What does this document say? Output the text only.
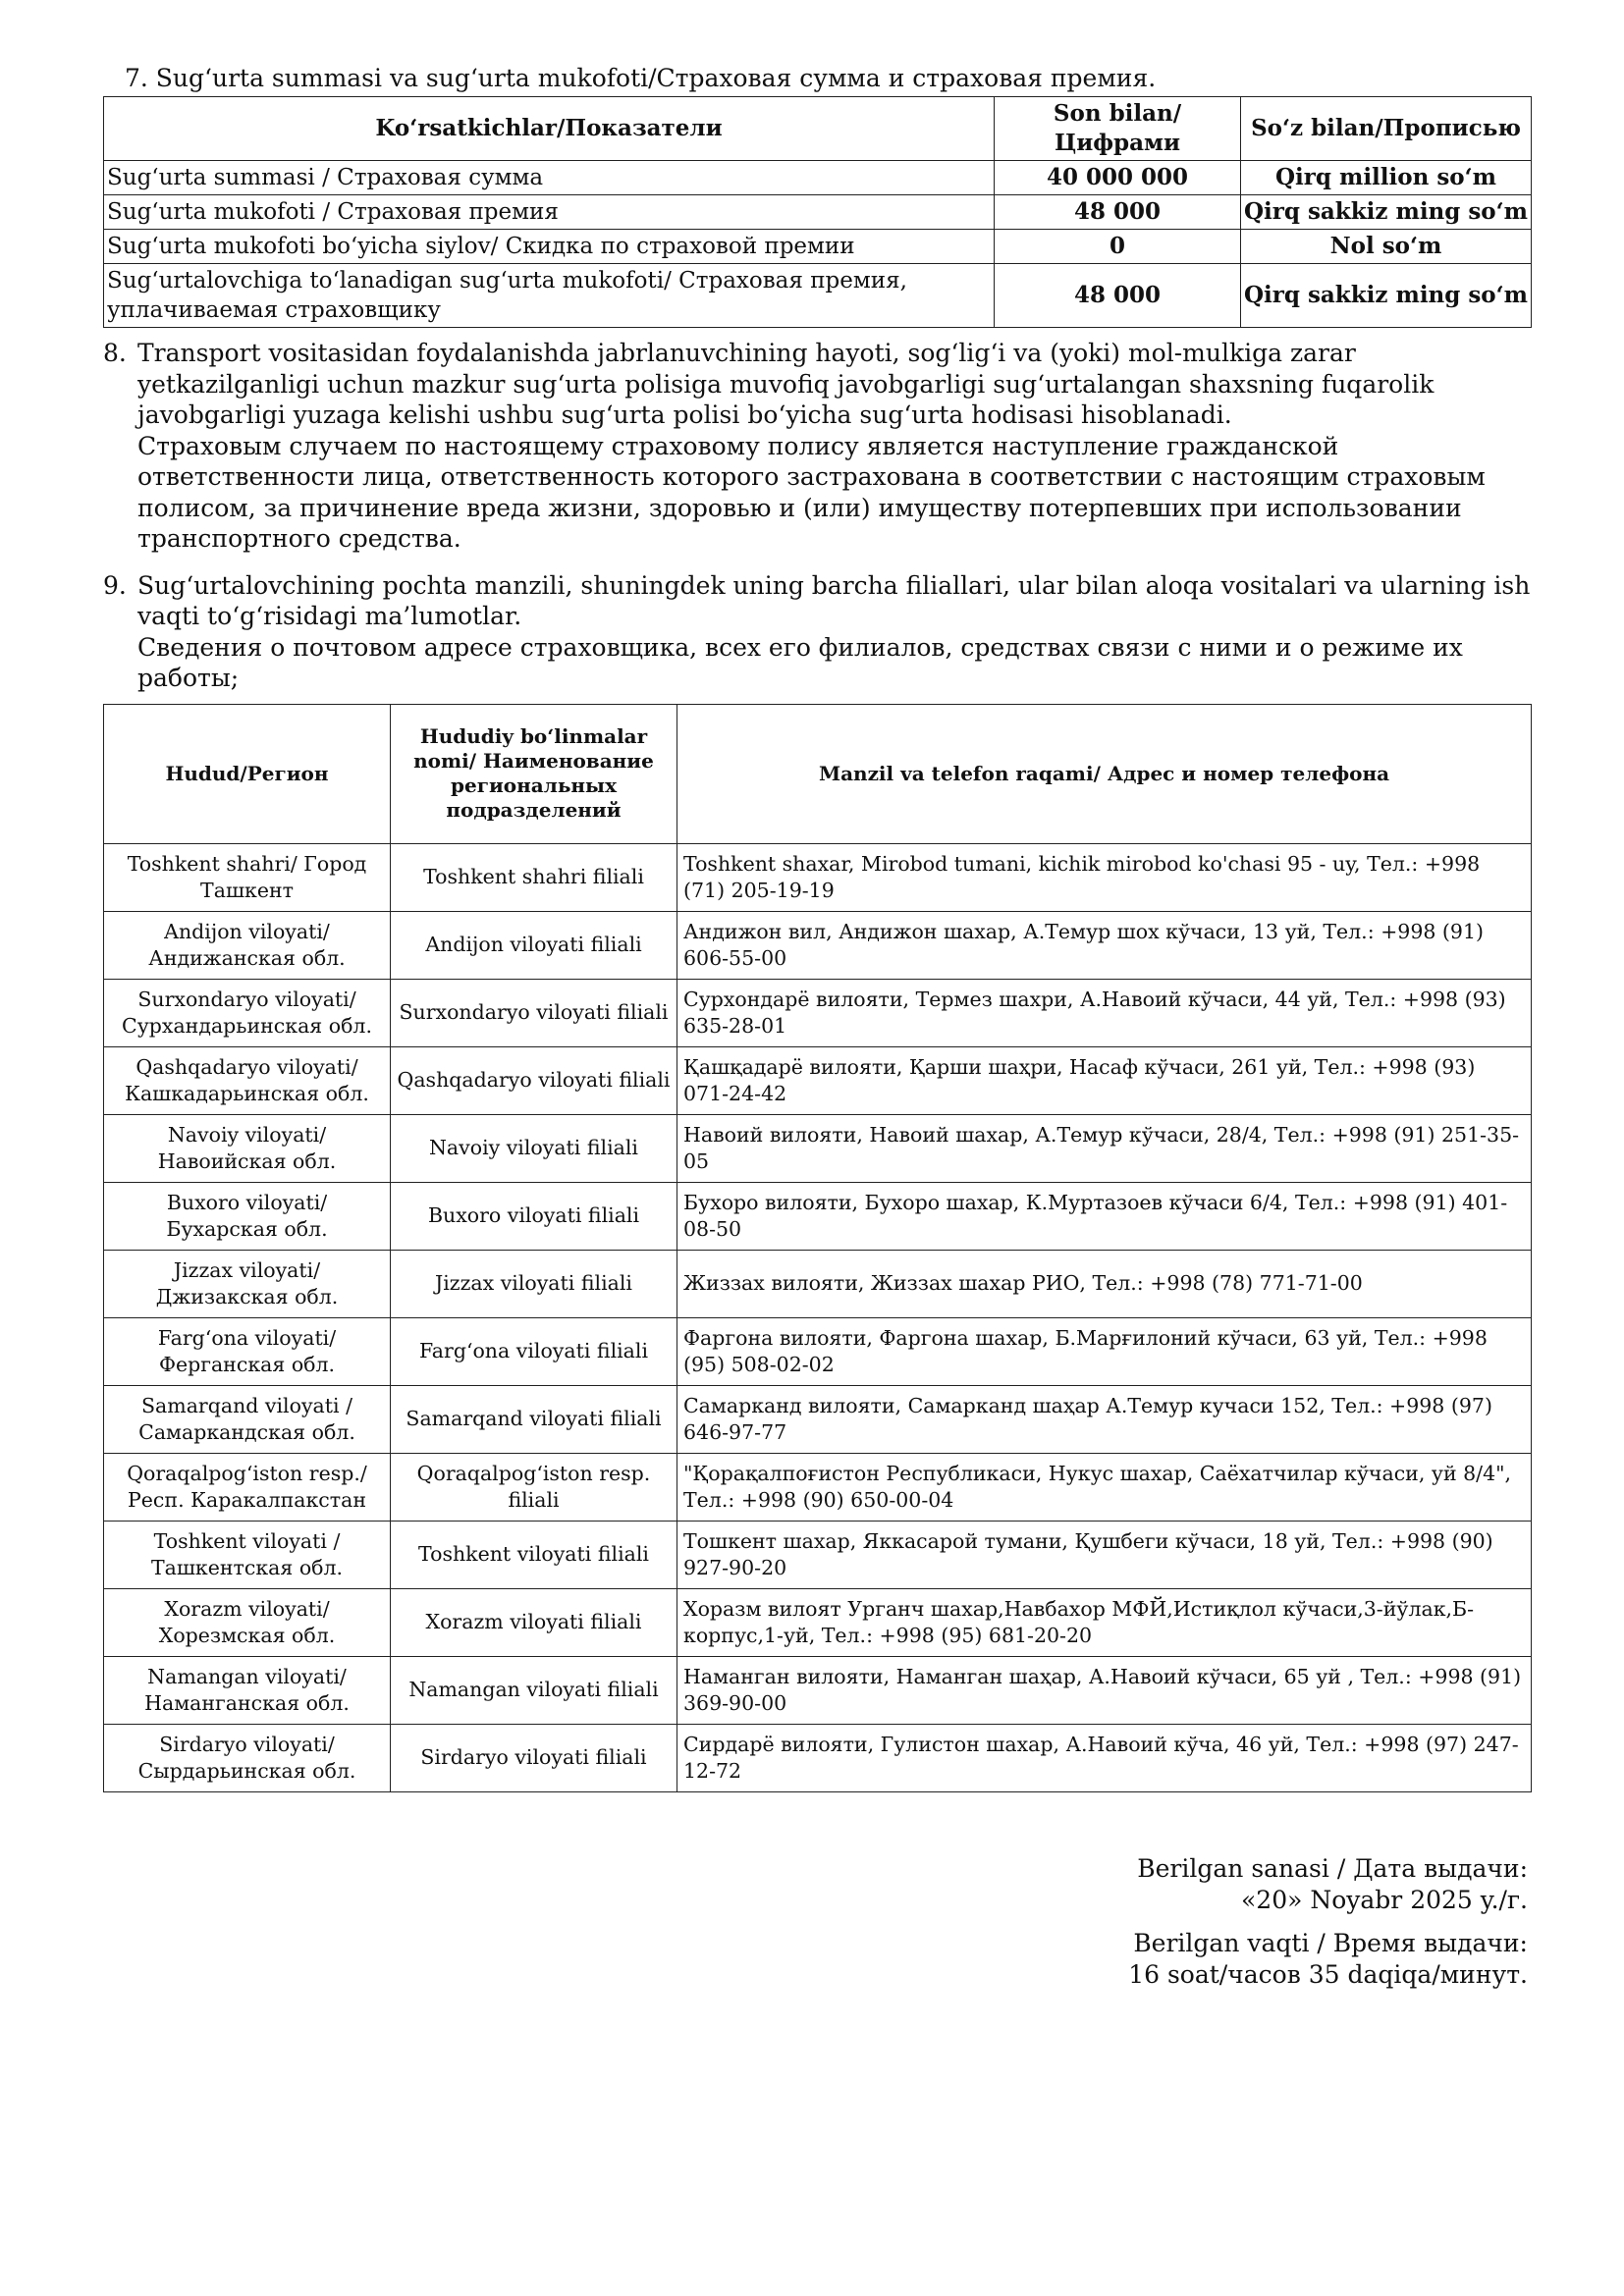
7. Sug‘urta summasi va sug‘urta mukofoti/Страховая сумма и страховая премия.
Ko‘rsatkichlar/Показатели	Son bilan/Цифрами	So‘z bilan/Прописью
Sug‘urta summasi / Страховая сумма	40 000 000	Qirq million so‘m
Sug‘urta mukofoti / Страховая премия	48 000	Qirq sakkiz ming so‘m
Sug‘urta mukofoti bo‘yicha siylov/ Скидка по страховой премии	0	Nol so‘m
Sug‘urtalovchiga to‘lanadigan sug‘urta mukofoti/ Страховая премия, уплачиваемая страховщику	48 000	Qirq sakkiz ming so‘m
8. Transport vositasidan foydalanishda jabrlanuvchining hayoti, sog‘lig‘i va (yoki) mol-mulkiga zarar yetkazilganligi uchun mazkur sug‘urta polisiga muvofiq javobgarligi sug‘urtalangan shaxsning fuqarolik javobgarligi yuzaga kelishi ushbu sug‘urta polisi bo‘yicha sug‘urta hodisasi hisoblanadi.

Страховым случаем по настоящему страховому полису является наступление гражданской ответственности лица, ответственность которого застрахована в соответствии с настоящим страховым полисом, за причинение вреда жизни, здоровью и (или) имуществу потерпевших при использовании транспортного средства.

9. Sug‘urtalovchining pochta manzili, shuningdek uning barcha filiallari, ular bilan aloqa vositalari va ularning ish vaqti to‘g‘risidagi ma’lumotlar.

Сведения о почтовом адресе страховщика, всех его филиалов, средствах связи с ними и о режиме их работы;

Hudud/Регион	Hududiy bo‘linmalar nomi/ Наименование региональных подразделений	Manzil va telefon raqami/ Адрес и номер телефона
Toshkent shahri/ Город Ташкент	Toshkent shahri filiali	Toshkent shaxar, Mirobod tumani, kichik mirobod ko'chasi 95 - uy, Тел.: +998 (71) 205-19-19
Andijon viloyati/ Андижанская обл.	Andijon viloyati filiali	Андижон вил, Андижон шахар, А.Темур шох кўчаси, 13 уй, Тел.: +998 (91) 606-55-00
Surxondaryo viloyati/ Сурхандарьинская обл.	Surxondaryo viloyati filiali	Сурхондарё вилояти, Термез шахри, А.Навоий кўчаси, 44 уй, Тел.: +998 (93) 635-28-01
Qashqadaryo viloyati/ Кашкадарьинская обл.	Qashqadaryo viloyati filiali	Қашқадарё вилояти, Қарши шаҳри, Насаф кўчаси, 261 уй, Тел.: +998 (93) 071-24-42
Navoiy viloyati/ Навоийская обл.	Navoiy viloyati filiali	Навоий вилояти, Навоий шахар, А.Темур кўчаси, 28/4, Тел.: +998 (91) 251-35-05
Buxoro viloyati/ Бухарская обл.	Buxoro viloyati filiali	Бухоро вилояти, Бухоро шахар, К.Муртазоев кўчаси 6/4, Тел.: +998 (91) 401-08-50
Jizzax viloyati/ Джизакская обл.	Jizzax viloyati filiali	Жиззах вилояти, Жиззах шахар РИО, Тел.: +998 (78) 771-71-00
Farg‘ona viloyati/ Ферганская обл.	Farg‘ona viloyati filiali	Фаргона вилояти, Фаргона шахар, Б.Марғилоний кўчаси, 63 уй, Тел.: +998 (95) 508-02-02
Samarqand viloyati / Самаркандская обл.	Samarqand viloyati filiali	Самарканд вилояти, Самарканд шаҳар А.Темур кучаси 152, Тел.: +998 (97) 646-97-77
Qoraqalpog‘iston resp./ Респ. Каракалпакстан	Qoraqalpog‘iston resp. filiali	"Қорақалпоғистон Республикаси, Нукус шахар, Саёхатчилар кўчаси, уй 8/4", Тел.: +998 (90) 650-00-04
Toshkent viloyati / Ташкентская обл.	Toshkent viloyati filiali	Тошкент шахар, Яккасарой тумани, Қушбеги кўчаси, 18 уй, Тел.: +998 (90) 927-90-20
Xorazm viloyati/ Хорезмская обл.	Xorazm viloyati filiali	Хоразм вилоят Урганч шахар,Навбахор МФЙ,Истиқлол кўчаси,3-йўлак,Б-корпус,1-уй, Тел.: +998 (95) 681-20-20
Namangan viloyati/ Наманганская обл.	Namangan viloyati filiali	Наманган вилояти, Наманган шаҳар, А.Навоий кўчаси, 65 уй , Тел.: +998 (91) 369-90-00
Sirdaryo viloyati/ Сырдарьинская обл.	Sirdaryo viloyati filiali	Сирдарё вилояти, Гулистон шахар, А.Навоий кўча, 46 уй, Тел.: +998 (97) 247-12-72
Berilgan sanasi / Дата выдачи:
«20» Noyabr 2025 y./г.
Berilgan vaqti / Время выдачи:
16 soat/часов 35 daqiqa/минут.
